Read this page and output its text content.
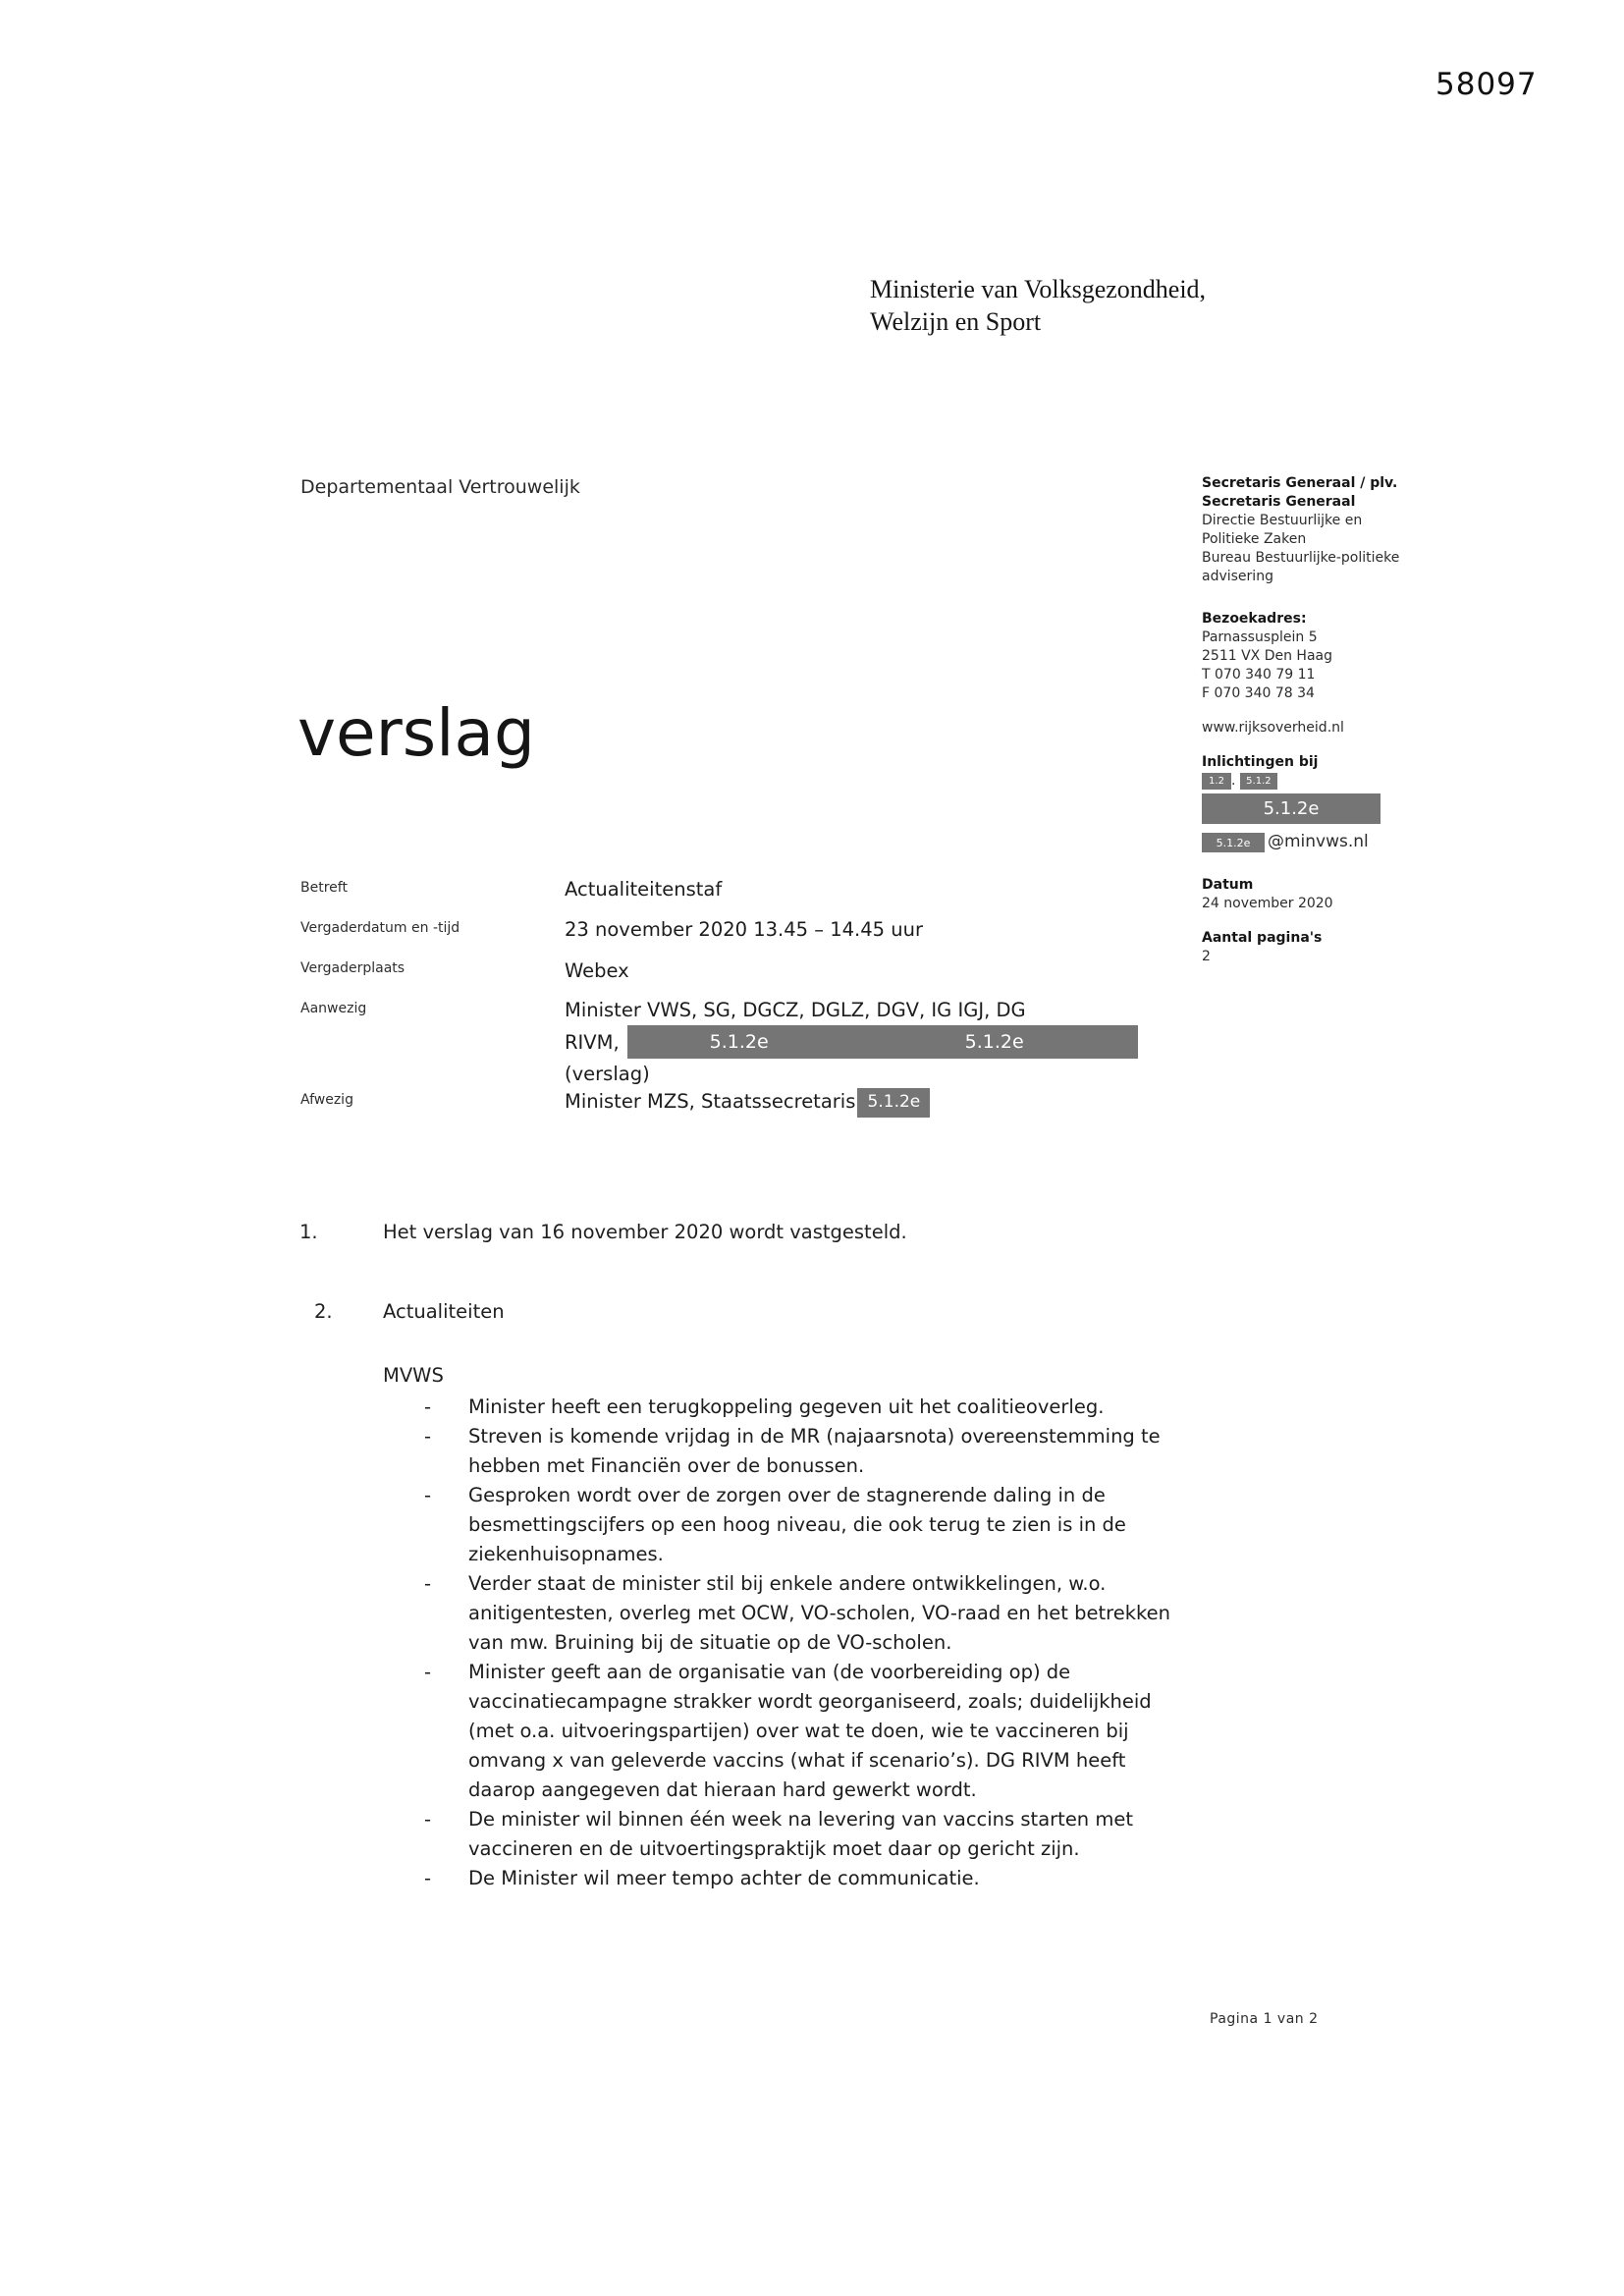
58097
Ministerie van Volksgezondheid,
Welzijn en Sport
Departementaal Vertrouwelijk
verslag
Secretaris Generaal / plv.
Secretaris Generaal
Directie Bestuurlijke en
Politieke Zaken
Bureau Bestuurlijke-politieke
advisering
Bezoekadres:
Parnassusplein 5
2511 VX Den Haag
T 070 340 79 11
F 070 340 78 34
www.rijksoverheid.nl
Inlichtingen bij
1.2 . 5.1.2
5.1.2e
5.1.2e @minvws.nl
Datum
24 november 2020
Aantal pagina's
2
Betreft	Actualiteitenstaf
Vergaderdatum en -tijd	23 november 2020 13.45 – 14.45 uur
Vergaderplaats	Webex
Aanwezig	Minister VWS, SG, DGCZ, DGLZ, DGV, IG IGJ, DG
RIVM,	5.1.2e	5.1.2e
(verslag)
Afwezig	Minister MZS, Staatssecretaris 5.1.2e
1.	Het verslag van 16 november 2020 wordt vastgesteld.
2.	Actualiteiten
MVWS
-	Minister heeft een terugkoppeling gegeven uit het coalitieoverleg.
-	Streven is komende vrijdag in de MR (najaarsnota) overeenstemming te hebben met Financiën over de bonussen.
-	Gesproken wordt over de zorgen over de stagnerende daling in de besmettingscijfers op een hoog niveau, die ook terug te zien is in de ziekenhuisopnames.
-	Verder staat de minister stil bij enkele andere ontwikkelingen, w.o. anitigentesten, overleg met OCW, VO-scholen, VO-raad en het betrekken van mw. Bruining bij de situatie op de VO-scholen.
-	Minister geeft aan de organisatie van (de voorbereiding op) de vaccinatiecampagne strakker wordt georganiseerd, zoals; duidelijkheid (met o.a. uitvoeringspartijen) over wat te doen, wie te vaccineren bij omvang x van geleverde vaccins (what if scenario’s). DG RIVM heeft daarop aangegeven dat hieraan hard gewerkt wordt.
-	De minister wil binnen één week na levering van vaccins starten met vaccineren en de uitvoertingspraktijk moet daar op gericht zijn.
-	De Minister wil meer tempo achter de communicatie.
Pagina 1 van 2
